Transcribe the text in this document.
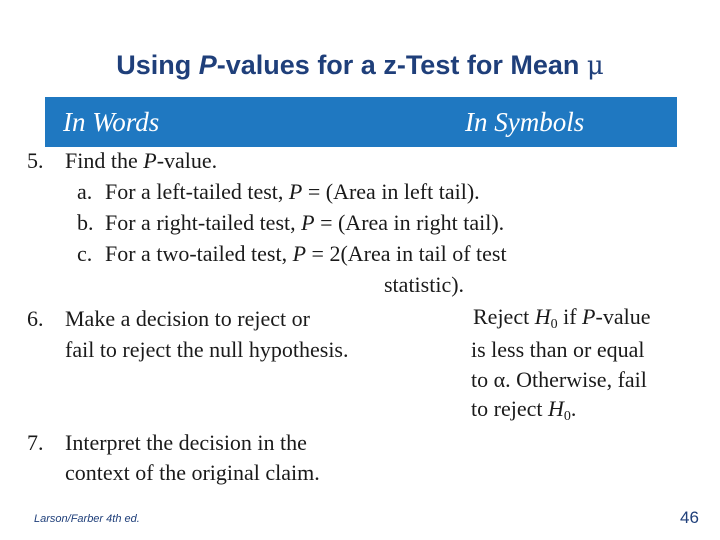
Using P-values for a z-Test for Mean μ
In Words	In Symbols
5. Find the P-value.
a. For a left-tailed test, P = (Area in left tail).
b. For a right-tailed test, P = (Area in right tail).
c. For a two-tailed test, P = 2(Area in tail of test
statistic).
6. Make a decision to reject or
fail to reject the null hypothesis.
Reject $H_0$ if P-value
is less than or equal
to α. Otherwise, fail
to reject $H_0$.
7. Interpret the decision in the
context of the original claim.
Larson/Farber 4th ed.	46
